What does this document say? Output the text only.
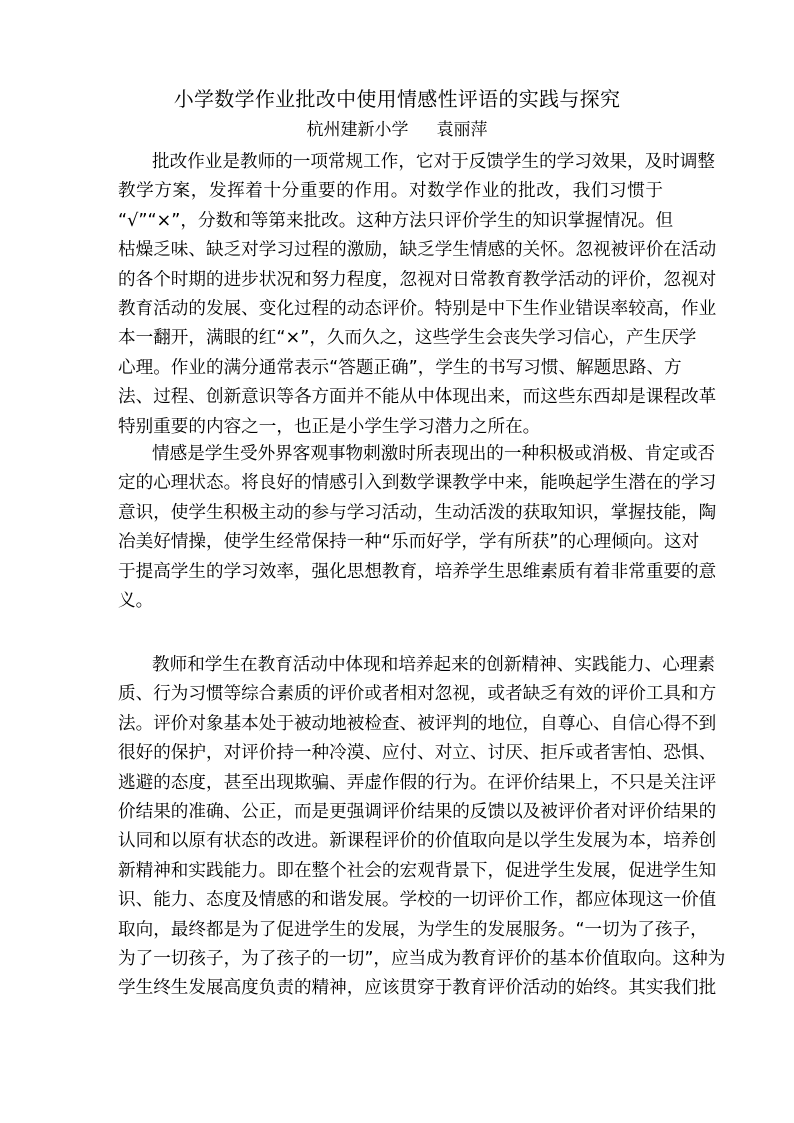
小学数学作业批改中使用情感性评语的实践与探究
杭州建新小学 袁丽萍
批改作业是教师的一项常规工作，它对于反馈学生的学习效果，及时调整
教学方案，发挥着十分重要的作用。对数学作业的批改，我们习惯于
“√”“×”，分数和等第来批改。这种方法只评价学生的知识掌握情况。但
枯燥乏味、缺乏对学习过程的激励，缺乏学生情感的关怀。忽视被评价在活动
的各个时期的进步状况和努力程度，忽视对日常教育教学活动的评价，忽视对
教育活动的发展、变化过程的动态评价。特别是中下生作业错误率较高，作业
本一翻开，满眼的红“×”，久而久之，这些学生会丧失学习信心，产生厌学
心理。作业的满分通常表示“答题正确”，学生的书写习惯、解题思路、方
法、过程、创新意识等各方面并不能从中体现出来，而这些东西却是课程改革
特别重要的内容之一，也正是小学生学习潜力之所在。
情感是学生受外界客观事物刺激时所表现出的一种积极或消极、肯定或否
定的心理状态。将良好的情感引入到数学课教学中来，能唤起学生潜在的学习
意识，使学生积极主动的参与学习活动，生动活泼的获取知识，掌握技能，陶
冶美好情操，使学生经常保持一种“乐而好学，学有所获”的心理倾向。这对
于提高学生的学习效率，强化思想教育，培养学生思维素质有着非常重要的意
义。
教师和学生在教育活动中体现和培养起来的创新精神、实践能力、心理素
质、行为习惯等综合素质的评价或者相对忽视，或者缺乏有效的评价工具和方
法。评价对象基本处于被动地被检查、被评判的地位，自尊心、自信心得不到
很好的保护，对评价持一种冷漠、应付、对立、讨厌、拒斥或者害怕、恐惧、
逃避的态度，甚至出现欺骗、弄虚作假的行为。在评价结果上，不只是关注评
价结果的准确、公正，而是更强调评价结果的反馈以及被评价者对评价结果的
认同和以原有状态的改进。新课程评价的价值取向是以学生发展为本，培养创
新精神和实践能力。即在整个社会的宏观背景下，促进学生发展，促进学生知
识、能力、态度及情感的和谐发展。学校的一切评价工作，都应体现这一价值
取向，最终都是为了促进学生的发展，为学生的发展服务。“一切为了孩子，
为了一切孩子，为了孩子的一切”，应当成为教育评价的基本价值取向。这种为
学生终生发展高度负责的精神，应该贯穿于教育评价活动的始终。其实我们批
